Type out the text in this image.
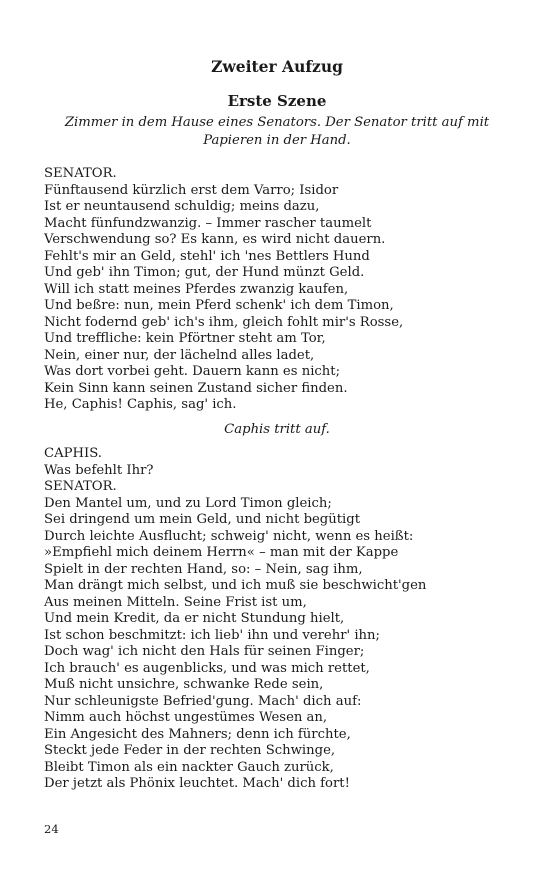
Zweiter Aufzug
Erste Szene
Zimmer in dem Hause eines Senators. Der Senator tritt auf mit Papieren in der Hand.
SENATOR.
Fünftausend kürzlich erst dem Varro; Isidor
Ist er neuntausend schuldig; meins dazu,
Macht fünfundzwanzig. – Immer rascher taumelt
Verschwendung so? Es kann, es wird nicht dauern.
Fehlt's mir an Geld, stehl' ich 'nes Bettlers Hund
Und geb' ihn Timon; gut, der Hund münzt Geld.
Will ich statt meines Pferdes zwanzig kaufen,
Und beßre: nun, mein Pferd schenk' ich dem Timon,
Nicht fodernd geb' ich's ihm, gleich fohlt mir's Rosse,
Und treffliche: kein Pförtner steht am Tor,
Nein, einer nur, der lächelnd alles ladet,
Was dort vorbei geht. Dauern kann es nicht;
Kein Sinn kann seinen Zustand sicher finden.
He, Caphis! Caphis, sag' ich.
Caphis tritt auf.
CAPHIS.
Was befehlt Ihr?
SENATOR.
Den Mantel um, und zu Lord Timon gleich;
Sei dringend um mein Geld, und nicht begütigt
Durch leichte Ausflucht; schweig' nicht, wenn es heißt:
»Empfiehl mich deinem Herrn« – man mit der Kappe
Spielt in der rechten Hand, so: – Nein, sag ihm,
Man drängt mich selbst, und ich muß sie beschwicht'gen
Aus meinen Mitteln. Seine Frist ist um,
Und mein Kredit, da er nicht Stundung hielt,
Ist schon beschmitzt: ich lieb' ihn und verehr' ihn;
Doch wag' ich nicht den Hals für seinen Finger;
Ich brauch' es augenblicks, und was mich rettet,
Muß nicht unsichre, schwanke Rede sein,
Nur schleunigste Befried'gung. Mach' dich auf:
Nimm auch höchst ungestümes Wesen an,
Ein Angesicht des Mahners; denn ich fürchte,
Steckt jede Feder in der rechten Schwinge,
Bleibt Timon als ein nackter Gauch zurück,
Der jetzt als Phönix leuchtet. Mach' dich fort!
24
